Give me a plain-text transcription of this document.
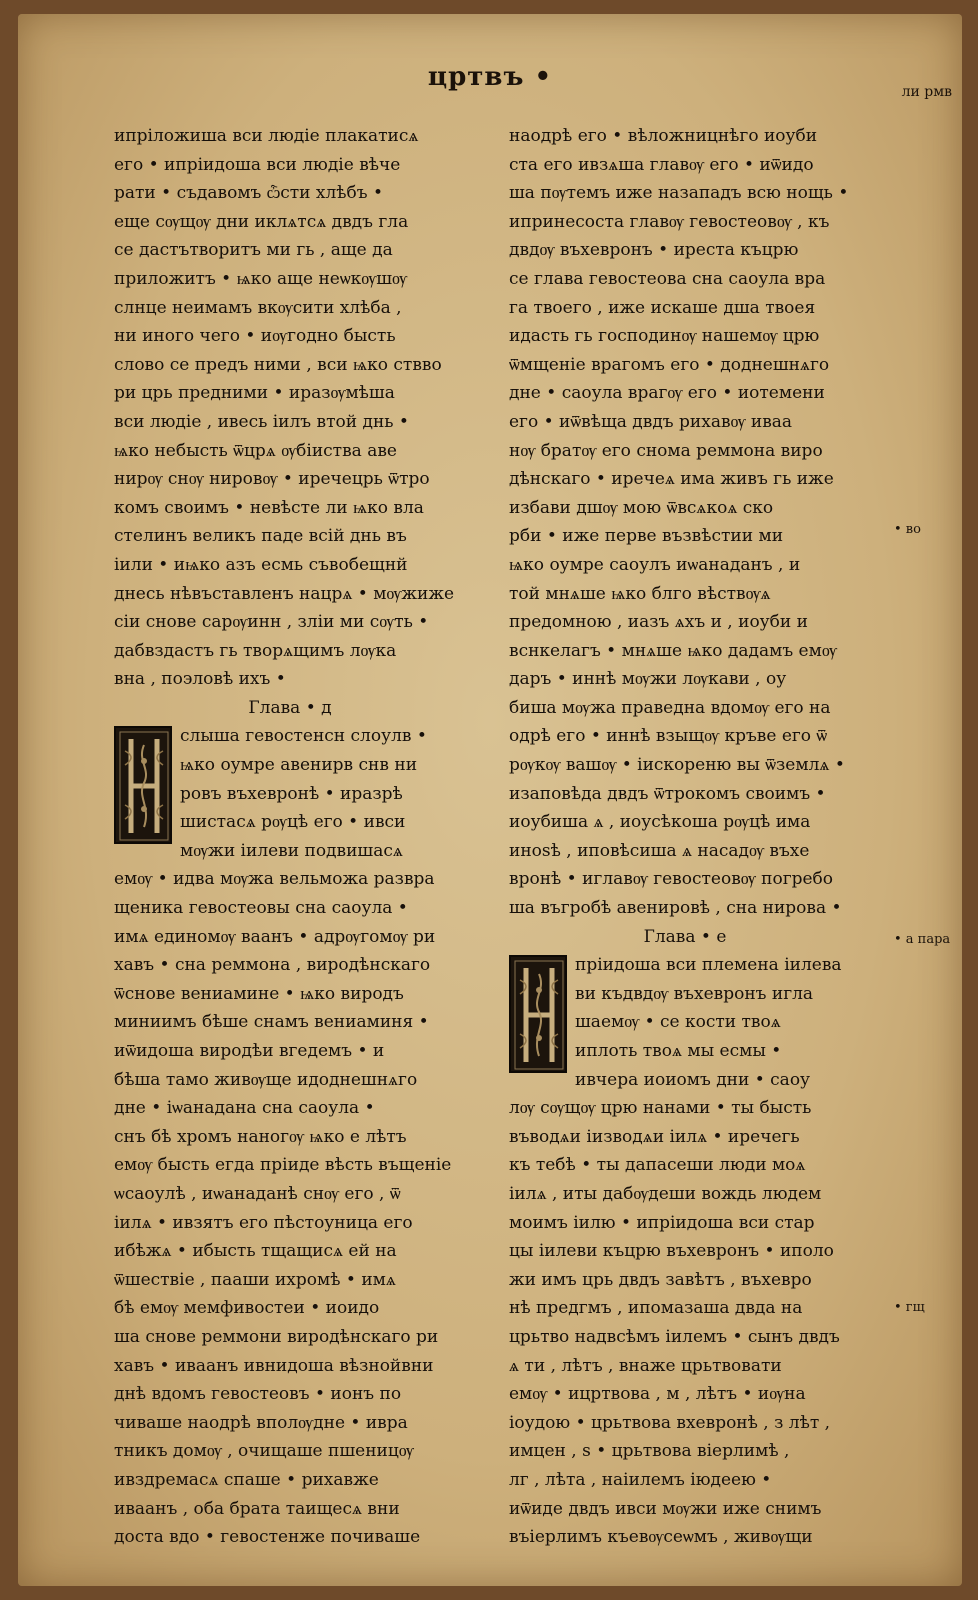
цртвъ •	ли рмв
ипрiложиша вси людiе плакатисѧ
его • ипрiидоша вси людiе вѣче
рати • съдавомъ ѽсти хлѣбъ •
еще сѹщѹ дни иклѧтсѧ двдъ гла
се дастътворитъ ми гь , аще да
приложитъ • ѩко аще неѡкѹшѹ
слнце неимамъ вкѹсити хлѣба ,
ни иного чего • иѹгодно бысть
слово се предъ ними , вси ѩко ствво
ри црь предними • иразѹмѣша
вси людiе , ивесь iилъ втой днь •
ѩко небысть ѿцрѧ ѹбiиства аве
нирѹ снѹ нировѹ • иречецрь ѿтро
комъ своимъ • невѣсте ли ѩко вла
стелинъ великъ паде всiй днь въ
iили • иѩко азъ есмь съвобещнй
днесь нѣвъставленъ нацрѧ • мѹжиже
сiи снове сарѹинн , злiи ми сѹть •
дабвздастъ гь творѧщимъ лѹка
вна , поэловѣ ихъ •
Глава • д
слыша гевостенсн слоулв •
ѩко оумре авенирв снв ни
ровъ въхевронѣ • иразрѣ
шистасѧ рѹцѣ его • ивси
мѹжи iилеви подвишасѧ
емѹ • идва мѹжа вельможа развра
щеника гевостеовы сна саоула •
имѧ единомѹ ваанъ • адрѹгомѹ ри
хавъ • сна реммона , виродѣнскаго
ѿснове вениамине • ѩко виродъ
миниимъ бѣше снамъ вениаминя •
иѿидоша виродѣи вгедемъ • и
бѣша тамо живѹще идоднешнѧго
дне • iѡанадана сна саоула •
снъ бѣ хромъ наногѹ ѩко е лѣтъ
емѹ бысть егда прiиде вѣсть въщенiе
ѡсаоулѣ , иѡанаданѣ снѹ его , ѿ
iилѧ • ивзятъ его пѣстоуница его
ибѣжѧ • ибысть тщащисѧ ей на
ѿшествiе , пааши ихромѣ • имѧ
бѣ емѹ мемфивостеи • иоидо
ша снове реммони виродѣнскаго ри
хавъ • иваанъ ивнидоша вѣзнойвни
днѣ вдомъ гевостеовъ • ионъ по
чиваше наодрѣ вполѹдне • ивра
тникъ домѹ , очищаше пшеницѹ
ивздремасѧ спаше • рихавже
иваанъ , оба брата таищесѧ вни
доста вдо • гевостенже почиваше
наодрѣ его • вѣложницнѣго иоуби
ста его ивзѧша главѹ его • иѿидо
ша пѹтемъ иже назападъ всю нощь •
ипринесоста главѹ гевостеовѹ , къ
двдѹ въхевронъ • иреста къцрю
се глава гевостеова сна саоула вра
га твоего , иже искаше дша твоея
идасть гь господинѹ нашемѹ црю
ѿмщенiе врагомъ его • доднешнѧго
дне • саоула врагѹ его • иотемени
его • иѿвѣща двдъ рихавѹ иваа
нѹ братѹ его снома реммона виро
дѣнскаго • иречеѧ има живъ гь иже
избави дшѹ мою ѿвсѧкоѧ ско
рби • иже перве възвѣстии ми
ѩко оумре саоулъ иѡанаданъ , и
той мнѧше ѩко блго вѣствѹѧ
предомною , иазъ ѧхъ и , иоуби и
вснкелагъ • мнѧше ѩко дадамъ емѹ
даръ • иннѣ мѹжи лѹкави , оу
биша мѹжа праведна вдомѹ его на
одрѣ его • иннѣ взыщѹ кръве его ѿ
рѹкѹ вашѹ • iискореню вы ѿземлѧ •
изаповѣда двдъ ѿтрокомъ своимъ •
иоубиша ѧ , иоусѣкоша рѹцѣ има
иноѕѣ , иповѣсиша ѧ насадѹ въхе
вронѣ • иглавѹ гевостеовѹ погребо
ша въгробѣ авенировѣ , сна нирова •
Глава • е
прiидоша вси племена iилева
ви къдвдѹ въхевронъ игла
шаемѹ • се кости твоѧ
иплоть твоѧ мы есмы •
ивчера иоиомъ дни • саоу
лѹ сѹщѹ црю нанами • ты бысть
въводѧи iизводѧи iилѧ • иречегь
къ тебѣ • ты дапасеши люди моѧ
iилѧ , иты дабѹдеши вождь людем
моимъ iилю • ипрiидоша вси стар
цы iилеви къцрю въхевронъ • иполо
жи имъ црь двдъ завѣтъ , въхевро
нѣ предгмъ , ипомазаша двда на
црьтво надвсѣмъ iилемъ • сынъ двдъ
ѧ ти , лѣтъ , внаже црьтвовати
емѹ • ицртвова , м , лѣтъ • иѹна
iоудою • црьтвова вхевронѣ , з лѣт ,
имцен , ѕ • црьтвова вiерлимѣ ,
лг , лѣта , наiилемъ iюдеею •
иѿиде двдъ ивси мѹжи иже снимъ
въiерлимъ къевѹсеѡмъ , живѹщи
• во
• а пара
• гщ
